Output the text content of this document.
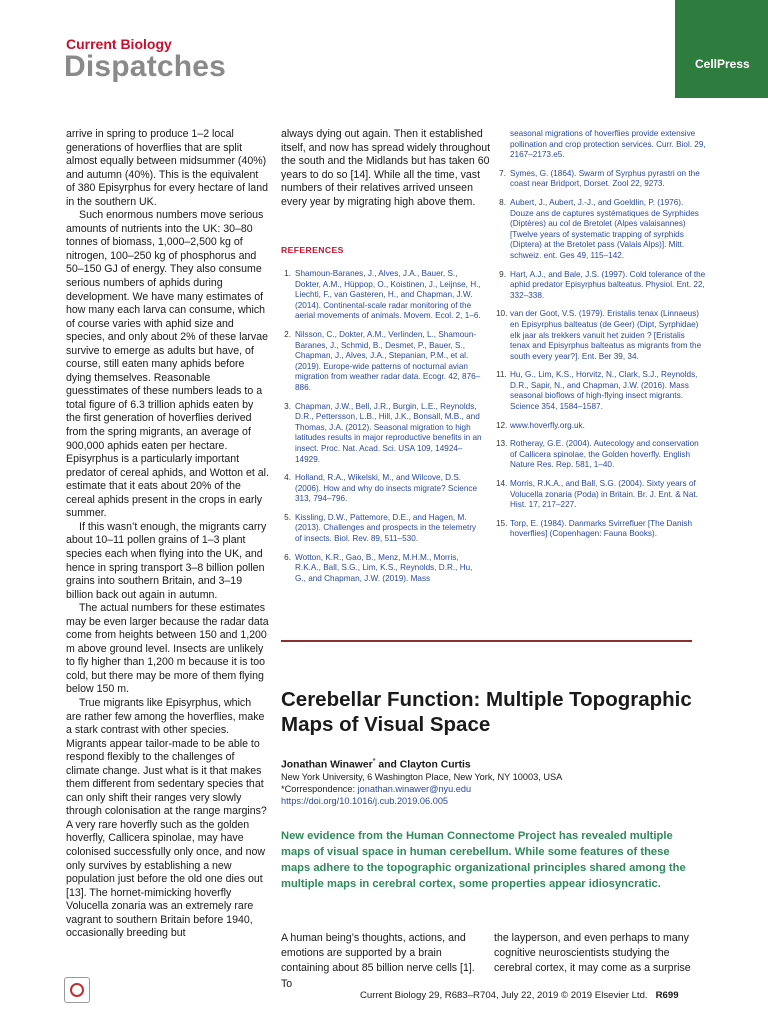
Current Biology
Dispatches	CellPress

arrive in spring to produce 1–2 local generations of hoverflies that are split almost equally between midsummer (40%) and autumn (40%). This is the equivalent of 380 Episyrphus for every hectare of land in the southern UK.

Such enormous numbers move serious amounts of nutrients into the UK: 30–80 tonnes of biomass, 1,000–2,500 kg of nitrogen, 100–250 kg of phosphorus and 50–150 GJ of energy. They also consume serious numbers of aphids during development. We have many estimates of how many each larva can consume, which of course varies with aphid size and species, and only about 2% of these larvae survive to emerge as adults but have, of course, still eaten many aphids before dying themselves. Reasonable guesstimates of these numbers leads to a total figure of 6.3 trillion aphids eaten by the first generation of hoverflies derived from the spring migrants, an average of 900,000 aphids eaten per hectare. Episyrphus is a particularly important predator of cereal aphids, and Wotton et al. estimate that it eats about 20% of the cereal aphids present in the crops in early summer.

If this wasn’t enough, the migrants carry about 10–11 pollen grains of 1–3 plant species each when flying into the UK, and hence in spring transport 3–8 billion pollen grains into southern Britain, and 3–19 billion back out again in autumn.

The actual numbers for these estimates may be even larger because the radar data come from heights between 150 and 1,200 m above ground level. Insects are unlikely to fly higher than 1,200 m because it is too cold, but there may be more of them flying below 150 m.

True migrants like Episyrphus, which are rather few among the hoverflies, make a stark contrast with other species. Migrants appear tailor-made to be able to respond flexibly to the challenges of climate change. Just what is it that makes them different from sedentary species that can only shift their ranges very slowly through colonisation at the range margins? A very rare hoverfly such as the golden hoverfly, Callicera spinolae, may have colonised successfully only once, and now only survives by establishing a new population just before the old one dies out [13]. The hornet-mimicking hoverfly Volucella zonaria was an extremely rare vagrant to southern Britain before 1940, occasionally breeding but

always dying out again. Then it established itself, and now has spread widely throughout the south and the Midlands but has taken 60 years to do so [14]. While all the time, vast numbers of their relatives arrived unseen every year by migrating high above them.

REFERENCES
1. Shamoun-Baranes, J., Alves, J.A., Bauer, S., Dokter, A.M., Hüppop, O., Koistinen, J., Leijnse, H., Liechti, F., van Gasteren, H., and Chapman, J.W. (2014). Continental-scale radar monitoring of the aerial movements of animals. Movem. Ecol. 2, 1–6.
2. Nilsson, C., Dokter, A.M., Verlinden, L., Shamoun-Baranes, J., Schmid, B., Desmet, P., Bauer, S., Chapman, J., Alves, J.A., Stepanian, P.M., et al. (2019). Europe-wide patterns of nocturnal avian migration from weather radar data. Ecogr. 42, 876–886.
3. Chapman, J.W., Bell, J.R., Burgin, L.E., Reynolds, D.R., Pettersson, L.B., Hill, J.K., Bonsall, M.B., and Thomas, J.A. (2012). Seasonal migration to high latitudes results in major reproductive benefits in an insect. Proc. Nat. Acad. Sci. USA 109, 14924–14929.
4. Holland, R.A., Wikelski, M., and Wilcove, D.S. (2006). How and why do insects migrate? Science 313, 794–796.
5. Kissling, D.W., Pattemore, D.E., and Hagen, M. (2013). Challenges and prospects in the telemetry of insects. Biol. Rev. 89, 511–530.
6. Wotton, K.R., Gao, B., Menz, M.H.M., Morris, R.K.A., Ball, S.G., Lim, K.S., Reynolds, D.R., Hu, G., and Chapman, J.W. (2019). Mass
seasonal migrations of hoverflies provide extensive pollination and crop protection services. Curr. Biol. 29, 2167–2173.e5.
7. Symes, G. (1864). Swarm of Syrphus pyrastri on the coast near Bridport, Dorset. Zool 22, 9273.
8. Aubert, J., Aubert, J.-J., and Goeldlin, P. (1976). Douze ans de captures systématiques de Syrphides (Diptères) au col de Bretolet (Alpes valaisannes) [Twelve years of systematic trapping of syrphids (Diptera) at the Bretolet pass (Valais Alps)]. Mitt. schweiz. ent. Ges 49, 115–142.
9. Hart, A.J., and Bale, J.S. (1997). Cold tolerance of the aphid predator Episyrphus balteatus. Physiol. Ent. 22, 332–338.
10. van der Goot, V.S. (1979). Eristalis tenax (Linnaeus) en Episyrphus balteatus (de Geer) (Dipt, Syrphidae) elk jaar als trekkers vanuit het zuiden ? [Eristalis tenax and Episyrphus balteatus as migrants from the south every year?]. Ent. Ber 39, 34.
11. Hu, G., Lim, K.S., Horvitz, N., Clark, S.J., Reynolds, D.R., Sapir, N., and Chapman, J.W. (2016). Mass seasonal bioflows of high-flying insect migrants. Science 354, 1584–1587.
12. www.hoverfly.org.uk.
13. Rotheray, G.E. (2004). Autecology and conservation of Callicera spinolae, the Golden hoverfly. English Nature Res. Rep. 581, 1–40.
14. Morris, R.K.A., and Ball, S.G. (2004). Sixty years of Volucella zonaria (Poda) in Britain. Br. J. Ent. & Nat. Hist. 17, 217–227.
15. Torp, E. (1984). Danmarks Svirrefluer [The Danish hoverflies] (Copenhagen: Fauna Books).
Cerebellar Function: Multiple Topographic Maps of Visual Space
Jonathan Winawer* and Clayton Curtis
New York University, 6 Washington Place, New York, NY 10003, USA
*Correspondence: jonathan.winawer@nyu.edu
https://doi.org/10.1016/j.cub.2019.06.005
New evidence from the Human Connectome Project has revealed multiple maps of visual space in human cerebellum. While some features of these maps adhere to the topographic organizational principles shared among the multiple maps in cerebral cortex, some properties appear idiosyncratic.
A human being’s thoughts, actions, and emotions are supported by a brain containing about 85 billion nerve cells [1]. To
the layperson, and even perhaps to many cognitive neuroscientists studying the cerebral cortex, it may come as a surprise
Current Biology 29, R683–R704, July 22, 2019 © 2019 Elsevier Ltd. R699
